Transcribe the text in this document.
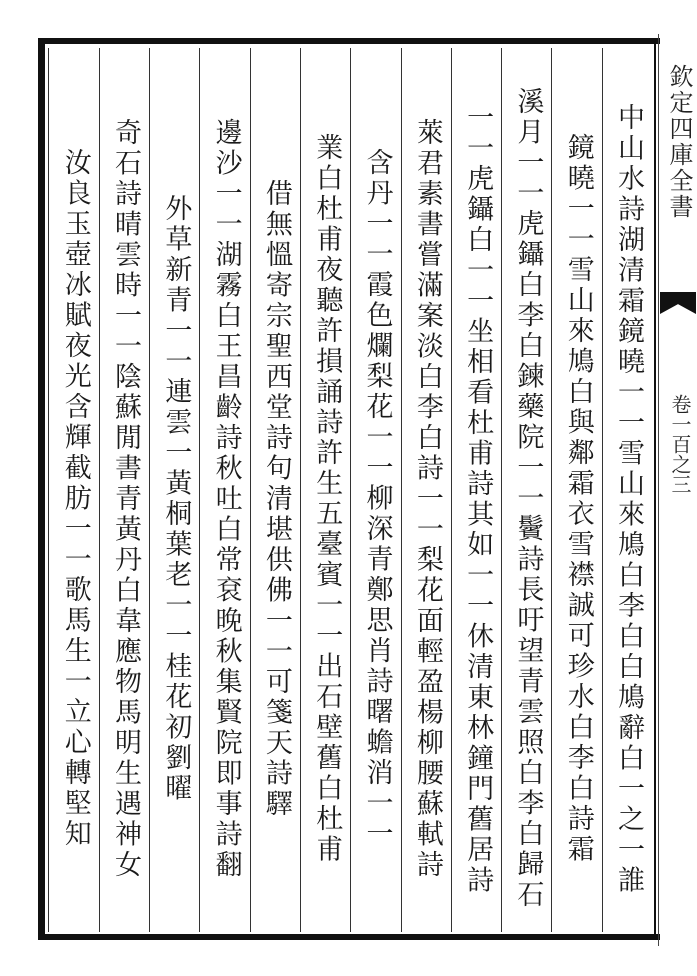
欽定四庫全書
卷一百之三
中山水詩湖清霜鏡曉一一雪山來鳩白李白白鳩辭白一之一誰
鏡曉一一雪山來鳩白與鄰霜衣雪襟誠可珍水白李白詩霜
溪月一一虎鑷白李白鍊藥院一一鬢詩長吁望青雲照白李白歸石
一一虎鑷白一一坐相看杜甫詩其如一一休清東林鐘門舊居詩
萊君素書嘗滿案淡白李白詩一一梨花面輕盈楊柳腰蘇軾詩
含丹一一霞色爛梨花一一柳深青鄭思肖詩曙蟾消一一
業白杜甫夜聽許損誦詩許生五臺賓一一出石壁舊白杜甫
借無慍寄宗聖西堂詩句清堪供佛一一可箋天詩驛
邊沙一一湖霧白王昌齡詩秋吐白常袞晚秋集賢院即事詩翻
外草新青一一連雲一黃桐葉老一一桂花初劉曜
奇石詩晴雲時一一陰蘇閒書青黃丹白韋應物馬明生遇神女
汝良玉壺冰賦夜光含輝截肪一一歌馬生一立心轉堅知
